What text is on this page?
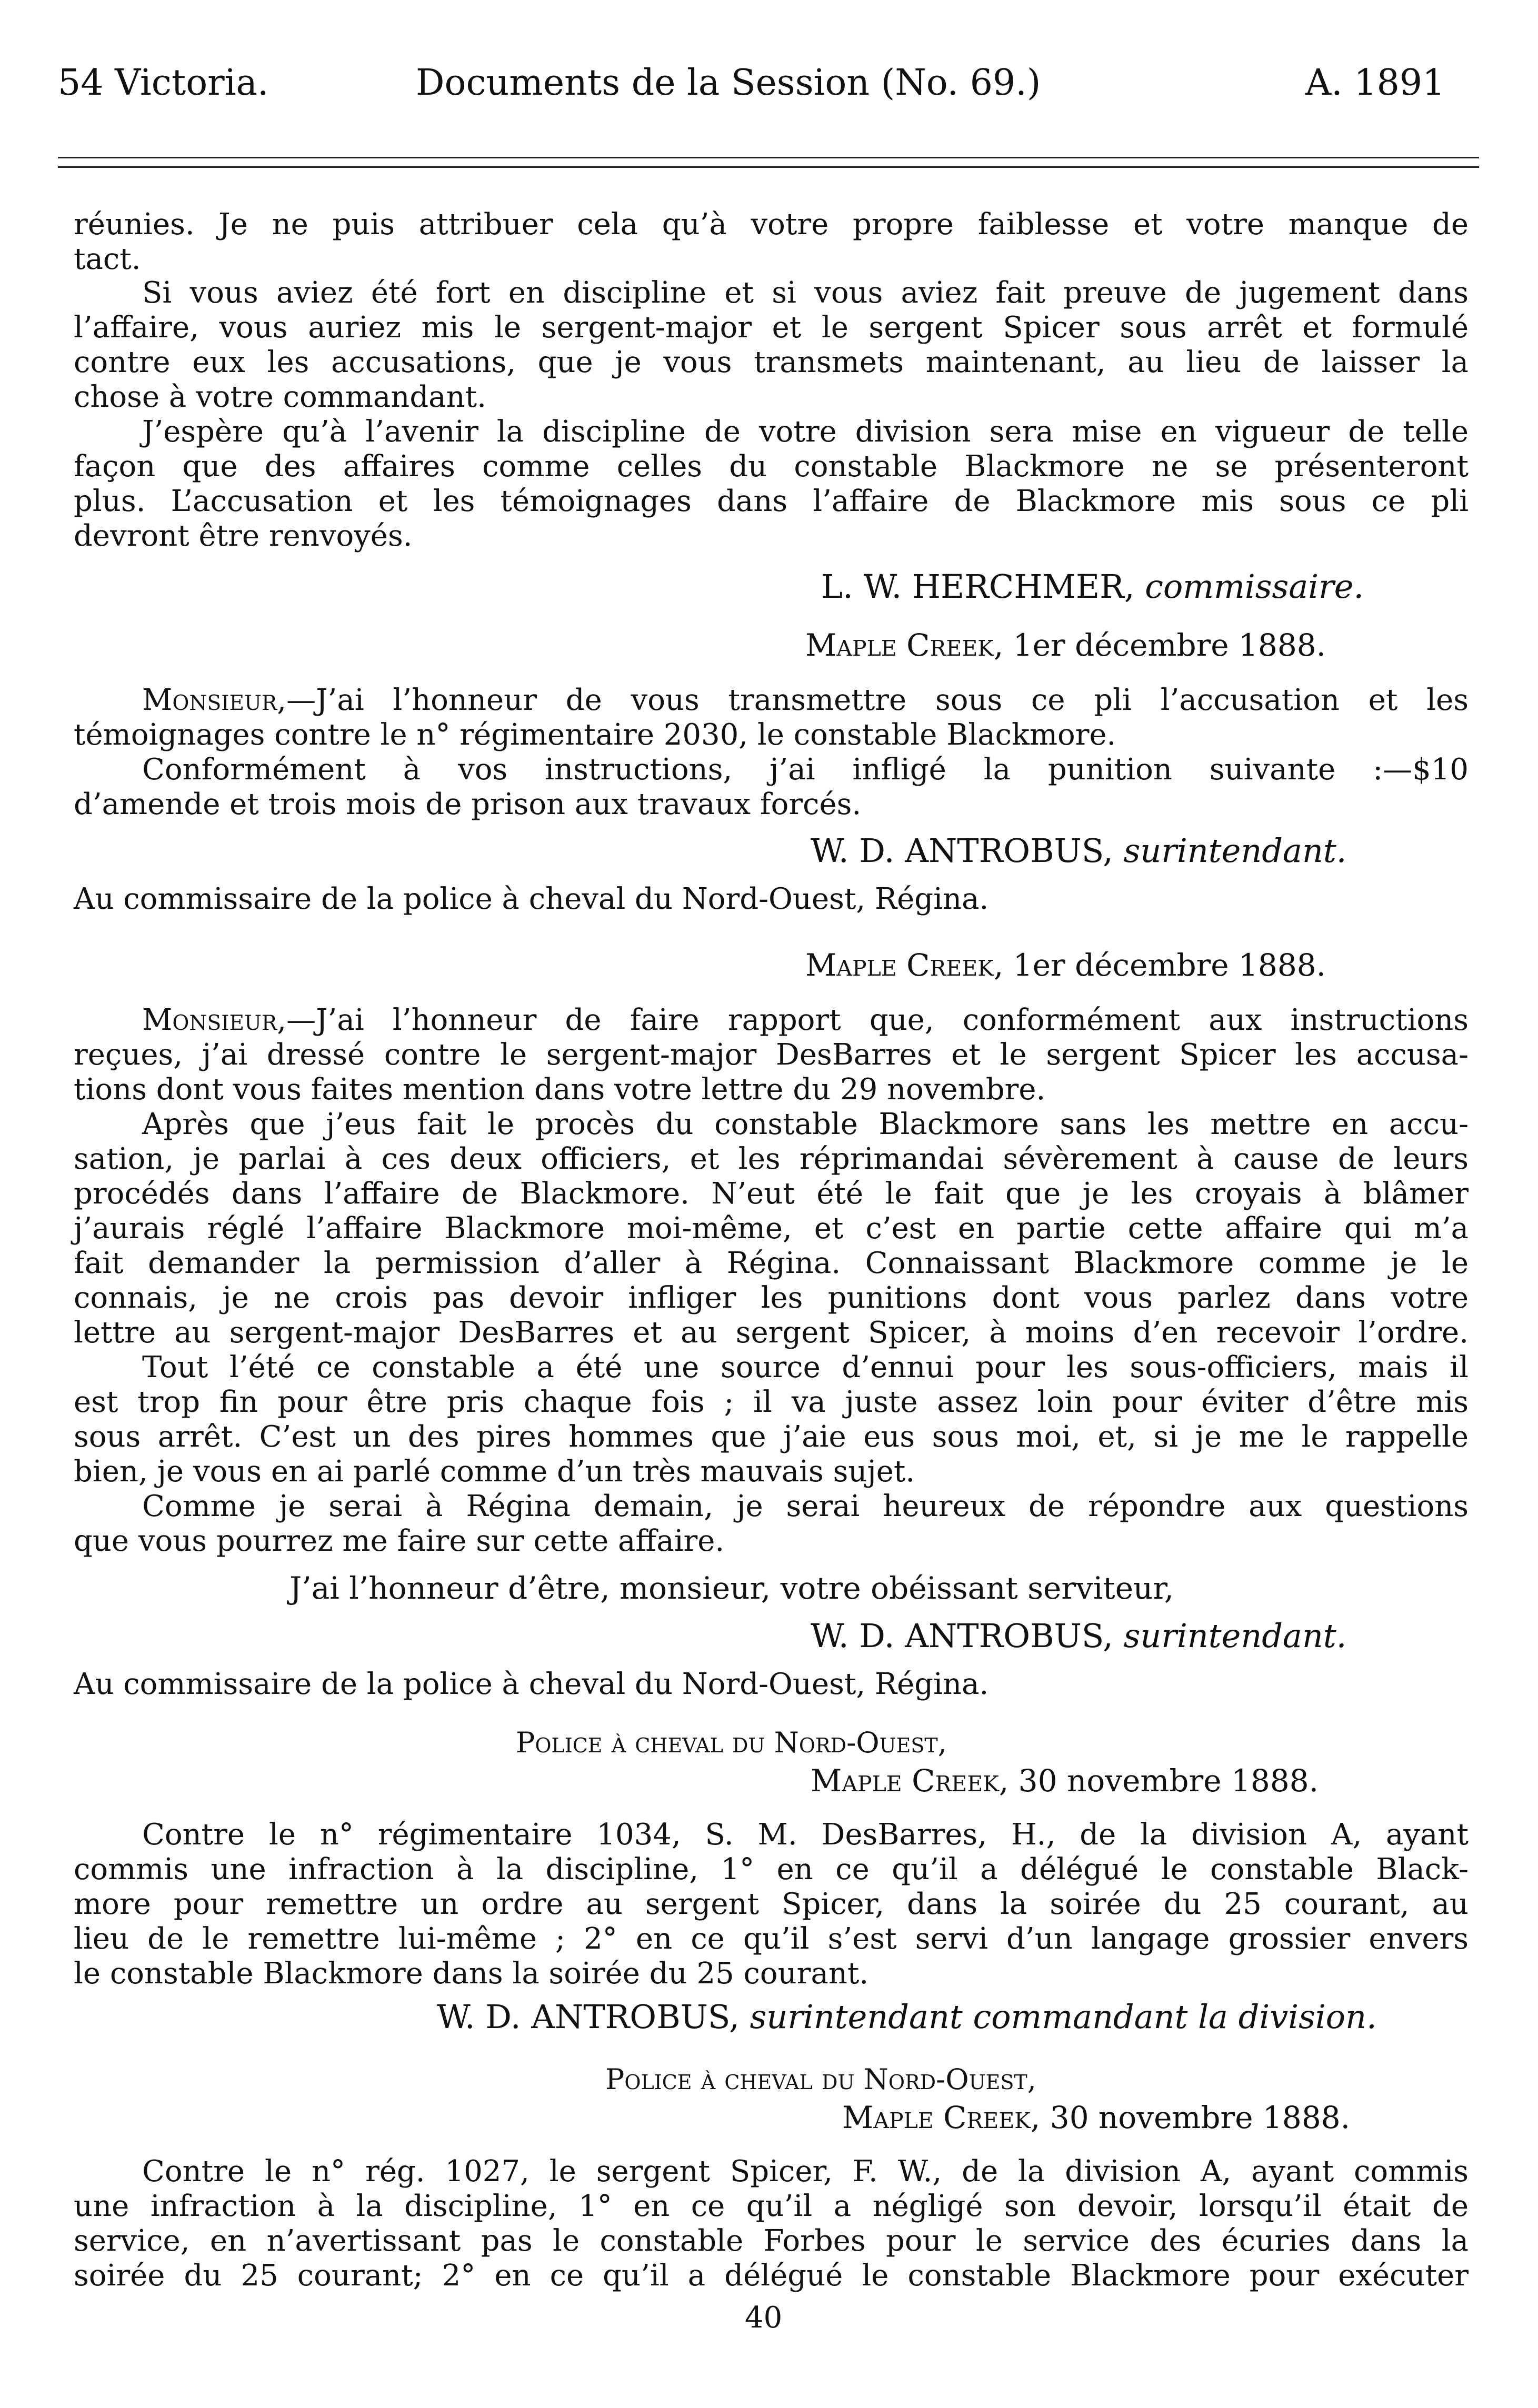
54 Victoria.	Documents de la Session (No. 69.)	A. 1891
réunies. Je ne puis attribuer cela qu’à votre propre faiblesse et votre manque de
tact.
Si vous aviez été fort en discipline et si vous aviez fait preuve de jugement dans
l’affaire, vous auriez mis le sergent-major et le sergent Spicer sous arrêt et formulé
contre eux les accusations, que je vous transmets maintenant, au lieu de laisser la
chose à votre commandant.
J’espère qu’à l’avenir la discipline de votre division sera mise en vigueur de telle
façon que des affaires comme celles du constable Blackmore ne se présenteront
plus. L’accusation et les témoignages dans l’affaire de Blackmore mis sous ce pli
devront être renvoyés.
L. W. HERCHMER, commissaire.
Maple Creek, 1er décembre 1888.
Monsieur,—J’ai l’honneur de vous transmettre sous ce pli l’accusation et les
témoignages contre le n° régimentaire 2030, le constable Blackmore.
Conformément à vos instructions, j’ai infligé la punition suivante :—$10
d’amende et trois mois de prison aux travaux forcés.
W. D. ANTROBUS, surintendant.
Au commissaire de la police à cheval du Nord-Ouest, Régina.
Maple Creek, 1er décembre 1888.
Monsieur,—J’ai l’honneur de faire rapport que, conformément aux instructions
reçues, j’ai dressé contre le sergent-major DesBarres et le sergent Spicer les accusa-
tions dont vous faites mention dans votre lettre du 29 novembre.
Après que j’eus fait le procès du constable Blackmore sans les mettre en accu-
sation, je parlai à ces deux officiers, et les réprimandai sévèrement à cause de leurs
procédés dans l’affaire de Blackmore. N’eut été le fait que je les croyais à blâmer
j’aurais réglé l’affaire Blackmore moi-même, et c’est en partie cette affaire qui m’a
fait demander la permission d’aller à Régina. Connaissant Blackmore comme je le
connais, je ne crois pas devoir infliger les punitions dont vous parlez dans votre
lettre au sergent-major DesBarres et au sergent Spicer, à moins d’en recevoir l’ordre.
Tout l’été ce constable a été une source d’ennui pour les sous-officiers, mais il
est trop fin pour être pris chaque fois ; il va juste assez loin pour éviter d’être mis
sous arrêt. C’est un des pires hommes que j’aie eus sous moi, et, si je me le rappelle
bien, je vous en ai parlé comme d’un très mauvais sujet.
Comme je serai à Régina demain, je serai heureux de répondre aux questions
que vous pourrez me faire sur cette affaire.
J’ai l’honneur d’être, monsieur, votre obéissant serviteur,
W. D. ANTROBUS, surintendant.
Au commissaire de la police à cheval du Nord-Ouest, Régina.
Police à cheval du Nord-Ouest,
Maple Creek, 30 novembre 1888.
Contre le n° régimentaire 1034, S. M. DesBarres, H., de la division A, ayant
commis une infraction à la discipline, 1° en ce qu’il a délégué le constable Black-
more pour remettre un ordre au sergent Spicer, dans la soirée du 25 courant, au
lieu de le remettre lui-même ; 2° en ce qu’il s’est servi d’un langage grossier envers
le constable Blackmore dans la soirée du 25 courant.
W. D. ANTROBUS, surintendant commandant la division.
Police à cheval du Nord-Ouest,
Maple Creek, 30 novembre 1888.
Contre le n° rég. 1027, le sergent Spicer, F. W., de la division A, ayant commis
une infraction à la discipline, 1° en ce qu’il a négligé son devoir, lorsqu’il était de
service, en n’avertissant pas le constable Forbes pour le service des écuries dans la
soirée du 25 courant; 2° en ce qu’il a délégué le constable Blackmore pour exécuter
40
